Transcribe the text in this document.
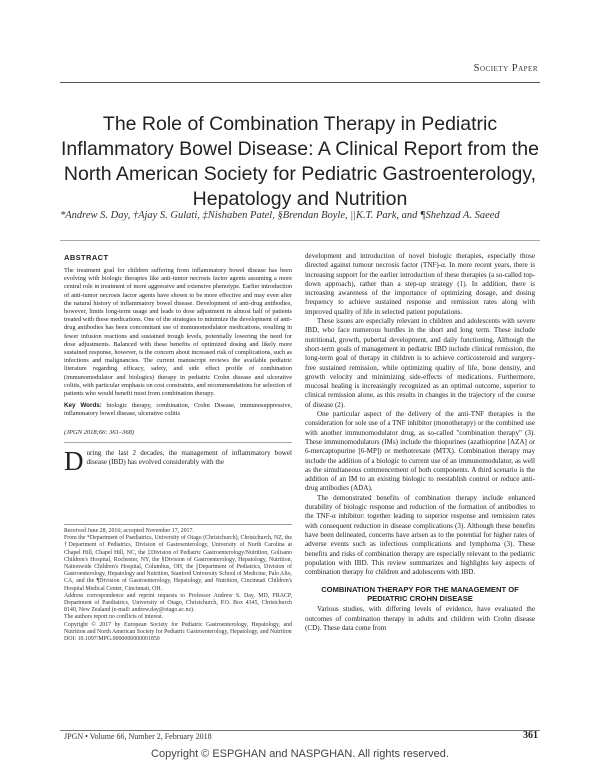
Society Paper
The Role of Combination Therapy in Pediatric Inflammatory Bowel Disease: A Clinical Report from the North American Society for Pediatric Gastroenterology, Hepatology and Nutrition
*Andrew S. Day, †Ajay S. Gulati, ‡Nishaben Patel, §Brendan Boyle, ||K.T. Park, and ¶Shehzad A. Saeed
ABSTRACT

The treatment goal for children suffering from inflammatory bowel disease has been evolving with biologic therapies like anti-tumor necrosis factor agents assuming a more central role in treatment of more aggressive and extensive phenotype. Earlier introduction of anti-tumor necrosis factor agents have shown to be more effective and may even alter the natural history of inflammatory bowel disease. Development of anti-drug antibodies, however, limits long-term usage and leads to dose adjustment in almost half of patients treated with these medications. One of the strategies to minimize the development of anti-drug antibodies has been concomitant use of immunomodulator medications, resulting in fewer infusion reactions and sustained trough levels, potentially lowering the need for dose adjustments. Balanced with these benefits of optimized dosing and likely more sustained response, however, is the concern about increased risk of complications, such as infections and malignancies. The current manuscript reviews the available pediatric literature regarding efficacy, safety, and side effect profile of combination (immunomodulator and biologics) therapy in pediatric Crohn disease and ulcerative colitis, with particular emphasis on cost constraints, and recommendations for selection of patients who would benefit most from combination therapy.

Key Words: biologic therapy, combination, Crohn Disease, immunosuppressive, inflammatory bowel disease, ulcerative colitis

(JPGN 2018;66: 361–368)

During the last 2 decades, the management of inflammatory bowel disease (IBD) has evolved considerably with the

Received June 28, 2016; accepted November 17, 2017.

From the *Department of Paediatrics, University of Otago (Christchurch), Christchurch, NZ, the †Department of Pediatrics, Division of Gastroenterology, University of North Carolina at Chapel Hill, Chapel Hill, NC, the ‡Division of Pediatric Gastroenterology/Nutrition, Golisano Children's Hospital, Rochester, NY, the §Division of Gastroenterology, Hepatology, Nutrition, Nationwide Children's Hospital, Columbus, OH, the ||Department of Pediatrics, Division of Gastroenterology, Hepatology and Nutrition, Stanford University School of Medicine, Palo Alto, CA, and the ¶Division of Gastroenterology, Hepatology, and Nutrition, Cincinnati Children's Hospital Medical Center, Cincinnati, OH.

Address correspondence and reprint requests to Professor Andrew S. Day, MD, FRACP, Department of Paediatrics, University of Otago, Christchurch, P.O. Box 4345, Christchurch 8140, New Zealand (e-mail: andrew.day@otago.ac.nz).

The authors report no conflicts of interest.

Copyright © 2017 by European Society for Pediatric Gastroenterology, Hepatology, and Nutrition and North American Society for Pediatric Gastroenterology, Hepatology, and Nutrition

DOI: 10.1097/MPG.0000000000001850

development and introduction of novel biologic therapies, especially those directed against tumour necrosis factor (TNF)-α. In more recent years, there is increasing support for the earlier introduction of these therapies (a so-called top-down approach), rather than a step-up strategy (1). In addition, there is increasing awareness of the importance of optimizing dosage, and dosing frequency to achieve sustained response and remission rates along with improved quality of life in selected patient populations.

These issues are especially relevant in children and adolescents with severe IBD, who face numerous hurdles in the short and long term. These include nutritional, growth, pubertal development, and daily functioning. Although the short-term goals of management in pediatric IBD include clinical remission, the long-term goal of therapy in children is to achieve corticosteroid and surgery-free sustained remission, while optimizing quality of life, bone density, and growth velocity and minimizing side-effects of medications. Furthermore, mucosal healing is increasingly recognized as an optimal outcome, superior to clinical remission alone, as this results in changes in the trajectory of the course of disease (2).

One particular aspect of the delivery of the anti-TNF therapies is the consideration for sole use of a TNF inhibitor (monotherapy) or the combined use with another immunomodulator drug, as so-called "combination therapy" (3). These immunomodulators (IMs) include the thiopurines (azathioprine [AZA] or 6-mercaptopurine [6-MP]) or methotrexate (MTX). Combination therapy may include the addition of a biologic to current use of an immunomodulator, as well as the simultaneous commencement of both components. A third scenario is the addition of an IM to an existing biologic to reestablish control or reduce anti-drug antibodies (ADA).

The demonstrated benefits of combination therapy include enhanced durability of biologic response and reduction of the formation of antibodies to the TNF-α inhibitor: together leading to superior response and remission rates with consequent reduction in disease complications (3). Although these benefits have been delineated, concerns have arisen as to the potential for higher rates of adverse events such as infectious complications and lymphoma (3). These benefits and risks of combination therapy are especially relevant to the pediatric population with IBD. This review summarizes and highlights key aspects of combination therapy for children and adolescents with IBD.

COMBINATION THERAPY FOR THE MANAGEMENT OF PEDIATRIC CROHN DISEASE

Various studies, with differing levels of evidence, have evaluated the outcomes of combination therapy in adults and children with Crohn disease (CD). These data come from

JPGN • Volume 66, Number 2, February 2018	361
Copyright © ESPGHAN and NASPGHAN. All rights reserved.
